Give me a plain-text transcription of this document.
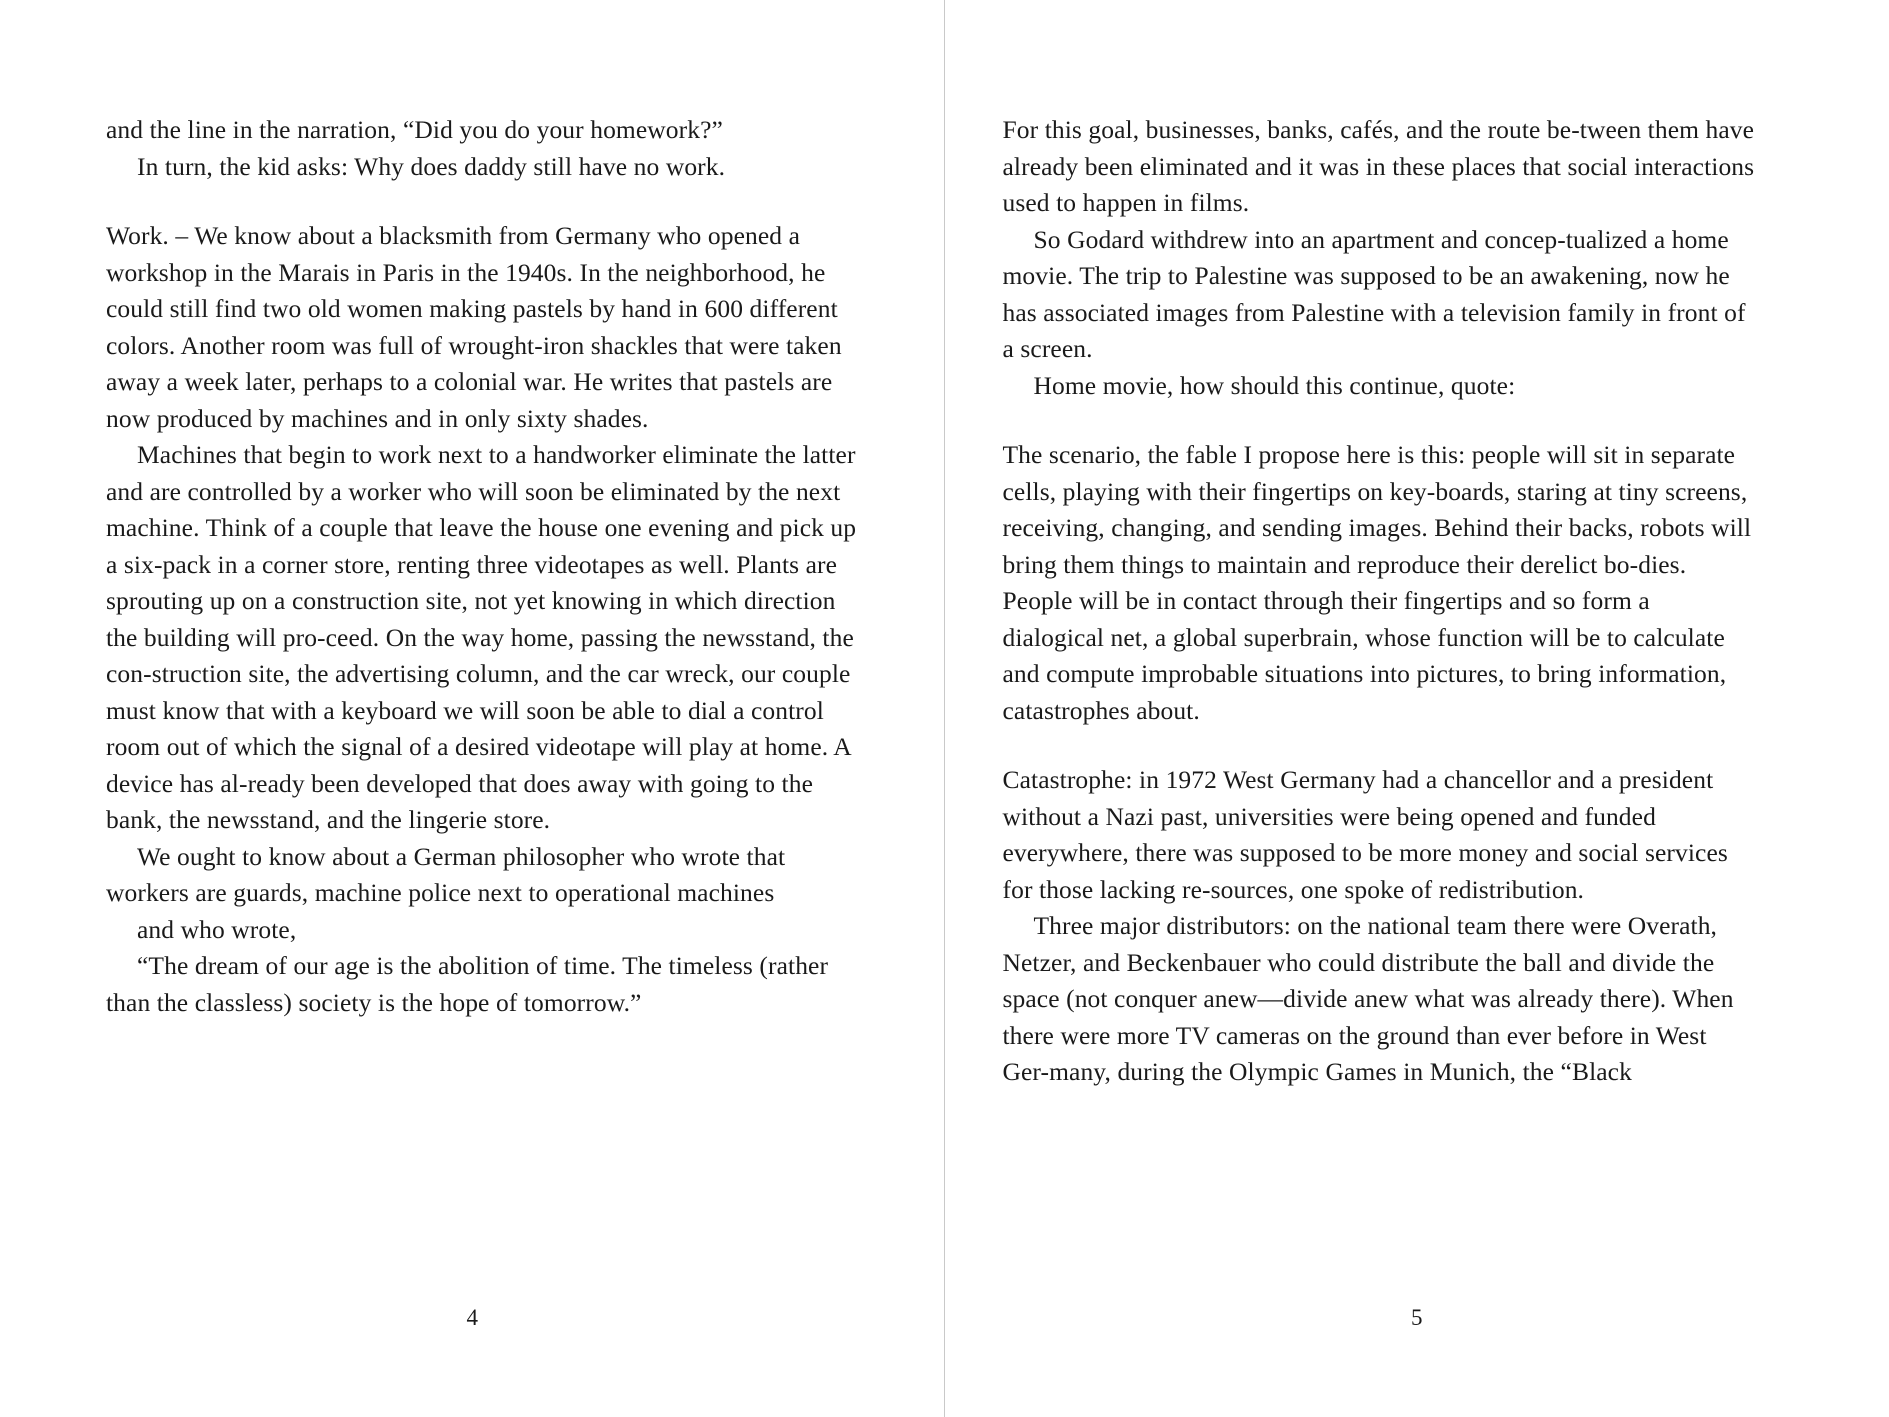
and the line in the narration, “Did you do your homework?”

In turn, the kid asks: Why does daddy still have no work.

Work. – We know about a blacksmith from Germany who opened a workshop in the Marais in Paris in the 1940s. In the neighborhood, he could still find two old women making pastels by hand in 600 different colors. Another room was full of wrought-iron shackles that were taken away a week later, perhaps to a colonial war. He writes that pastels are now produced by machines and in only sixty shades.

Machines that begin to work next to a handworker eliminate the latter and are controlled by a worker who will soon be eliminated by the next machine. Think of a couple that leave the house one evening and pick up a six-pack in a corner store, renting three videotapes as well. Plants are sprouting up on a construction site, not yet knowing in which direction the building will pro-ceed. On the way home, passing the newsstand, the con-struction site, the advertising column, and the car wreck, our couple must know that with a keyboard we will soon be able to dial a control room out of which the signal of a desired videotape will play at home. A device has al-ready been developed that does away with going to the bank, the newsstand, and the lingerie store.

We ought to know about a German philosopher who wrote that workers are guards, machine police next to operational machines

and who wrote,

“The dream of our age is the abolition of time. The timeless (rather than the classless) society is the hope of tomorrow.”

4

For this goal, businesses, banks, cafés, and the route be-tween them have already been eliminated and it was in these places that social interactions used to happen in films.

So Godard withdrew into an apartment and concep-tualized a home movie. The trip to Palestine was supposed to be an awakening, now he has associated images from Palestine with a television family in front of a screen.

Home movie, how should this continue, quote:

The scenario, the fable I propose here is this: people will sit in separate cells, playing with their fingertips on key-boards, staring at tiny screens, receiving, changing, and sending images. Behind their backs, robots will bring them things to maintain and reproduce their derelict bo-dies. People will be in contact through their fingertips and so form a dialogical net, a global superbrain, whose function will be to calculate and compute improbable situations into pictures, to bring information, catastrophes about.

Catastrophe: in 1972 West Germany had a chancellor and a president without a Nazi past, universities were being opened and funded everywhere, there was supposed to be more money and social services for those lacking re-sources, one spoke of redistribution.

Three major distributors: on the national team there were Overath, Netzer, and Beckenbauer who could distribute the ball and divide the space (not conquer anew—divide anew what was already there). When there were more TV cameras on the ground than ever before in West Ger-many, during the Olympic Games in Munich, the “Black

5
